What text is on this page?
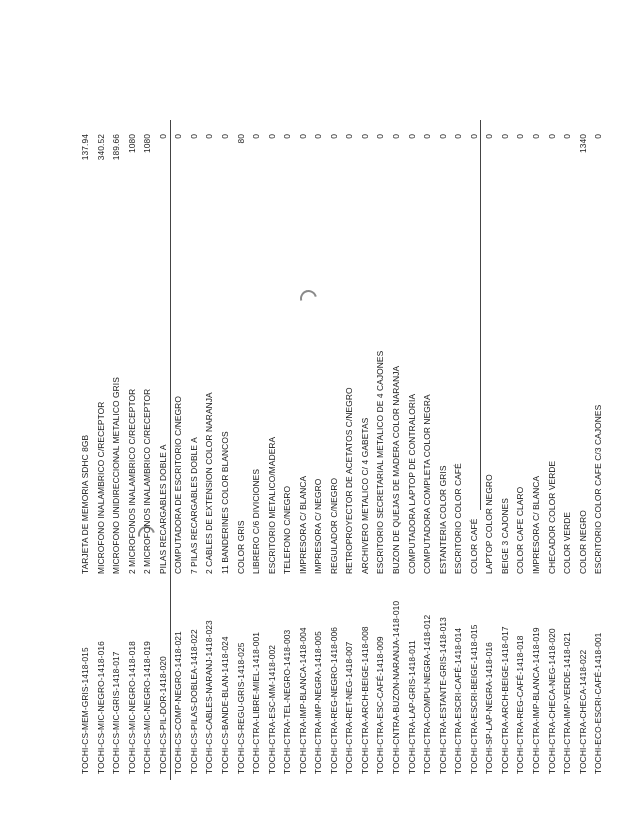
TOCHI-CS-MEM-GRIS-1418-015
TARJETA DE MEMORIA SDHC 8GB
137.94
TOCHI-CS-MIC-NEGRO-1418-016
MICROFONO INALAMBRICO C/RECEPTOR
340.52
TOCHI-CS-MIC-GRIS-1418-017
MICROFONO UNIDIRECCIONAL METALICO GRIS
189.66
TOCHI-CS-MIC-NEGRO-1418-018
2 MICROFONOS INALAMBRICO C/RECEPTOR
1080
TOCHI-CS-MIC-NEGRO-1418-019
2 MICROFONOS INALAMBRICO C/RECEPTOR
1080
TOCHI-CS-PIL-DOR-1418-020
PILAS RECARGABLES DOBLE A
0
TOCHI-CS-COMP-NEGRO-1418-021
COMPUTADORA DE ESCRITORIO C/NEGRO
0
TOCHI-CS-PILAS-DOBLEA-1418-022
7 PILAS RECARGABLES DOBLE A
0
TOCHI-CS-CABLES-NARANJ-1418-023
2 CABLES DE EXTENSION COLOR NARANJA
0
TOCHI-CS-BANDE-BLAN-1418-024
11 BANDERINES COLOR BLANCOS
0
TOCHI-CS-REGU-GRIS-1418-025
COLOR GRIS
80
TOCHI-CTRA-LIBRE-MIEL-1418-001
LIBRERO C/6 DIVICIONES
0
TOCHI-CTRA-ESC-MM-1418-002
ESCRITORIO METALICO/MADERA
0
TOCHI-CTRA-TEL-NEGRO-1418-003
TELEFONO C/NEGRO
0
TOCHI-CTRA-IMP-BLANCA-1418-004
IMPRESORA C/ BLANCA
0
TOCHI-CTRA-IMP-NEGRA-1418-005
IMPRESORA C/ NEGRO
0
TOCHI-CTRA-REG-NEGRO-1418-006
REGULADOR C/NEGRO
0
TOCHI-CTRA-RET-NEG-1418-007
RETROPROYECTOR DE ACETATOS C/NEGRO
0
TOCHI-CTRA-ARCH-BEIGE-1418-008
ARCHIVERO METALICO C/ 4 GABETAS
0
TOCHI-CTRA-ESC-CAFÉ-1418-009
ESCRITORIO SECRETARIAL METALICO DE 4 CAJONES
0
TOCHI-CNTRA-BUZON-NARANJA-1418-010
BUZON DE QUEJAS DE MADERA COLOR NARANJA
0
TOCHI-CTRA-LAP-GRIS-1418-011
COMPUTADORA LAPTOP DE CONTRALORIA
0
TOCHI-CTRA-COMPU-NEGRA-1418-012
COMPUTADORA COMPLETA COLOR NEGRA
0
TOCHI-CTRA-ESTANTE-GRIS-1418-013
ESTANTERIA COLOR GRIS
0
TOCHI-CTRA-ESCRI-CAFÉ-1418-014
ESCRITORIO COLOR CAFÉ
0
TOCHI-CTRA-ESCRI-BEIGE-1418-015
COLOR CAFÉ
0
TOCHI-SP-LAP-NEGRA-1418-016
LAPTOP COLOR NEGRO
0
TOCHI-CTRA-ARCH-BEIGE-1418-017
BEIGE 3 CAJONES
0
TOCHI-CTRA-REG-CAFÉ-1418-018
COLOR CAFE CLARO
0
TOCHI-CTRA-IMP-BLANCA-1418-019
IMPRESORA C/ BLANCA
0
TOCHI-CTRA-CHECA-NEG-1418-020
CHECADOR COLOR VERDE
0
TOCHI-CTRA-IMP-VERDE-1418-021
COLOR VERDE
0
TOCHI-CTRA-CHECA-1418-022
COLOR NEGRO
1340
TOCHI-ECO-ESCRI-CAFÉ-1418-001
ESCRITORIO COLOR CAFE C/3 CAJONES
0
